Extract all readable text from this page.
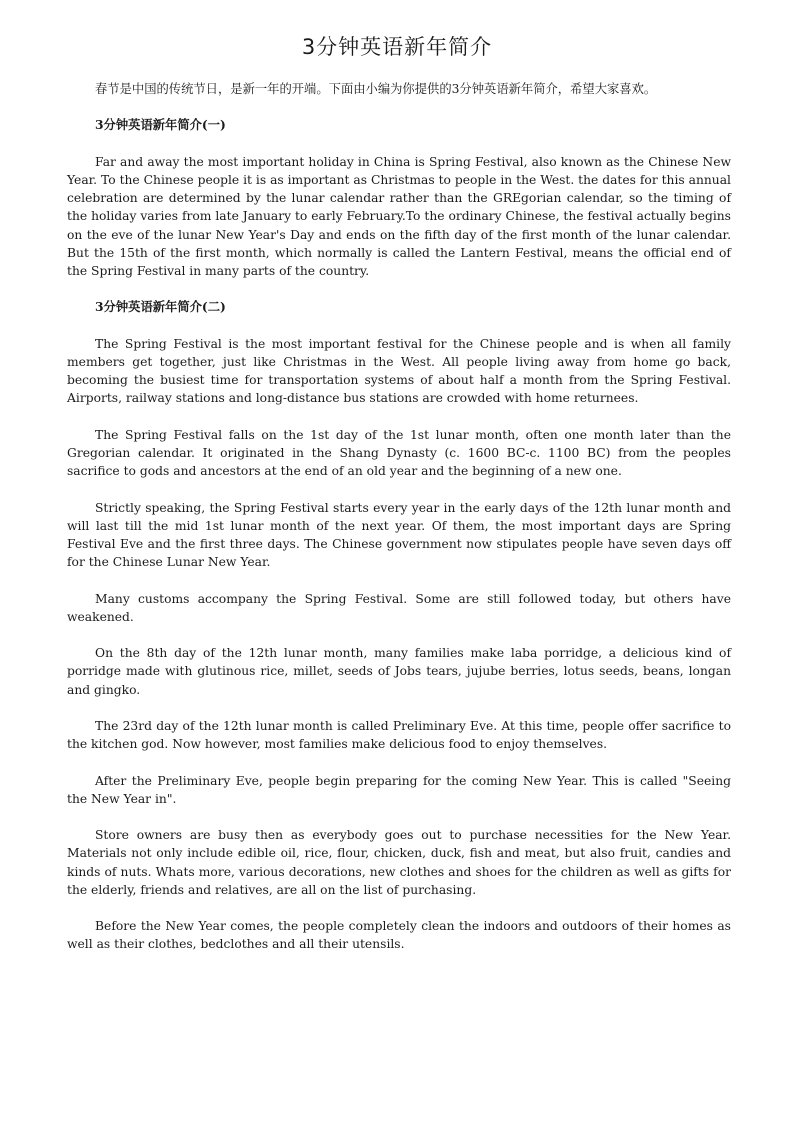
3分钟英语新年简介

春节是中国的传统节日，是新一年的开端。下面由小编为你提供的3分钟英语新年简介，希望大家喜欢。

3分钟英语新年简介(一)

Far and away the most important holiday in China is Spring Festival, also known as the Chinese New Year. To the Chinese people it is as important as Christmas to people in the West. the dates for this annual celebration are determined by the lunar calendar rather than the GREgorian calendar, so the timing of the holiday varies from late January to early February.To the ordinary Chinese, the festival actually begins on the eve of the lunar New Year's Day and ends on the fifth day of the first month of the lunar calendar. But the 15th of the first month, which normally is called the Lantern Festival, means the official end of the Spring Festival in many parts of the country.

3分钟英语新年简介(二)

The Spring Festival is the most important festival for the Chinese people and is when all family members get together, just like Christmas in the West. All people living away from home go back, becoming the busiest time for transportation systems of about half a month from the Spring Festival. Airports, railway stations and long-distance bus stations are crowded with home returnees.

The Spring Festival falls on the 1st day of the 1st lunar month, often one month later than the Gregorian calendar. It originated in the Shang Dynasty (c. 1600 BC-c. 1100 BC) from the peoples sacrifice to gods and ancestors at the end of an old year and the beginning of a new one.

Strictly speaking, the Spring Festival starts every year in the early days of the 12th lunar month and will last till the mid 1st lunar month of the next year. Of them, the most important days are Spring Festival Eve and the first three days. The Chinese government now stipulates people have seven days off for the Chinese Lunar New Year.

Many customs accompany the Spring Festival. Some are still followed today, but others have weakened.

On the 8th day of the 12th lunar month, many families make laba porridge, a delicious kind of porridge made with glutinous rice, millet, seeds of Jobs tears, jujube berries, lotus seeds, beans, longan and gingko.

The 23rd day of the 12th lunar month is called Preliminary Eve. At this time, people offer sacrifice to the kitchen god. Now however, most families make delicious food to enjoy themselves.

After the Preliminary Eve, people begin preparing for the coming New Year. This is called "Seeing the New Year in".

Store owners are busy then as everybody goes out to purchase necessities for the New Year. Materials not only include edible oil, rice, flour, chicken, duck, fish and meat, but also fruit, candies and kinds of nuts. Whats more, various decorations, new clothes and shoes for the children as well as gifts for the elderly, friends and relatives, are all on the list of purchasing.

Before the New Year comes, the people completely clean the indoors and outdoors of their homes as well as their clothes, bedclothes and all their utensils.
